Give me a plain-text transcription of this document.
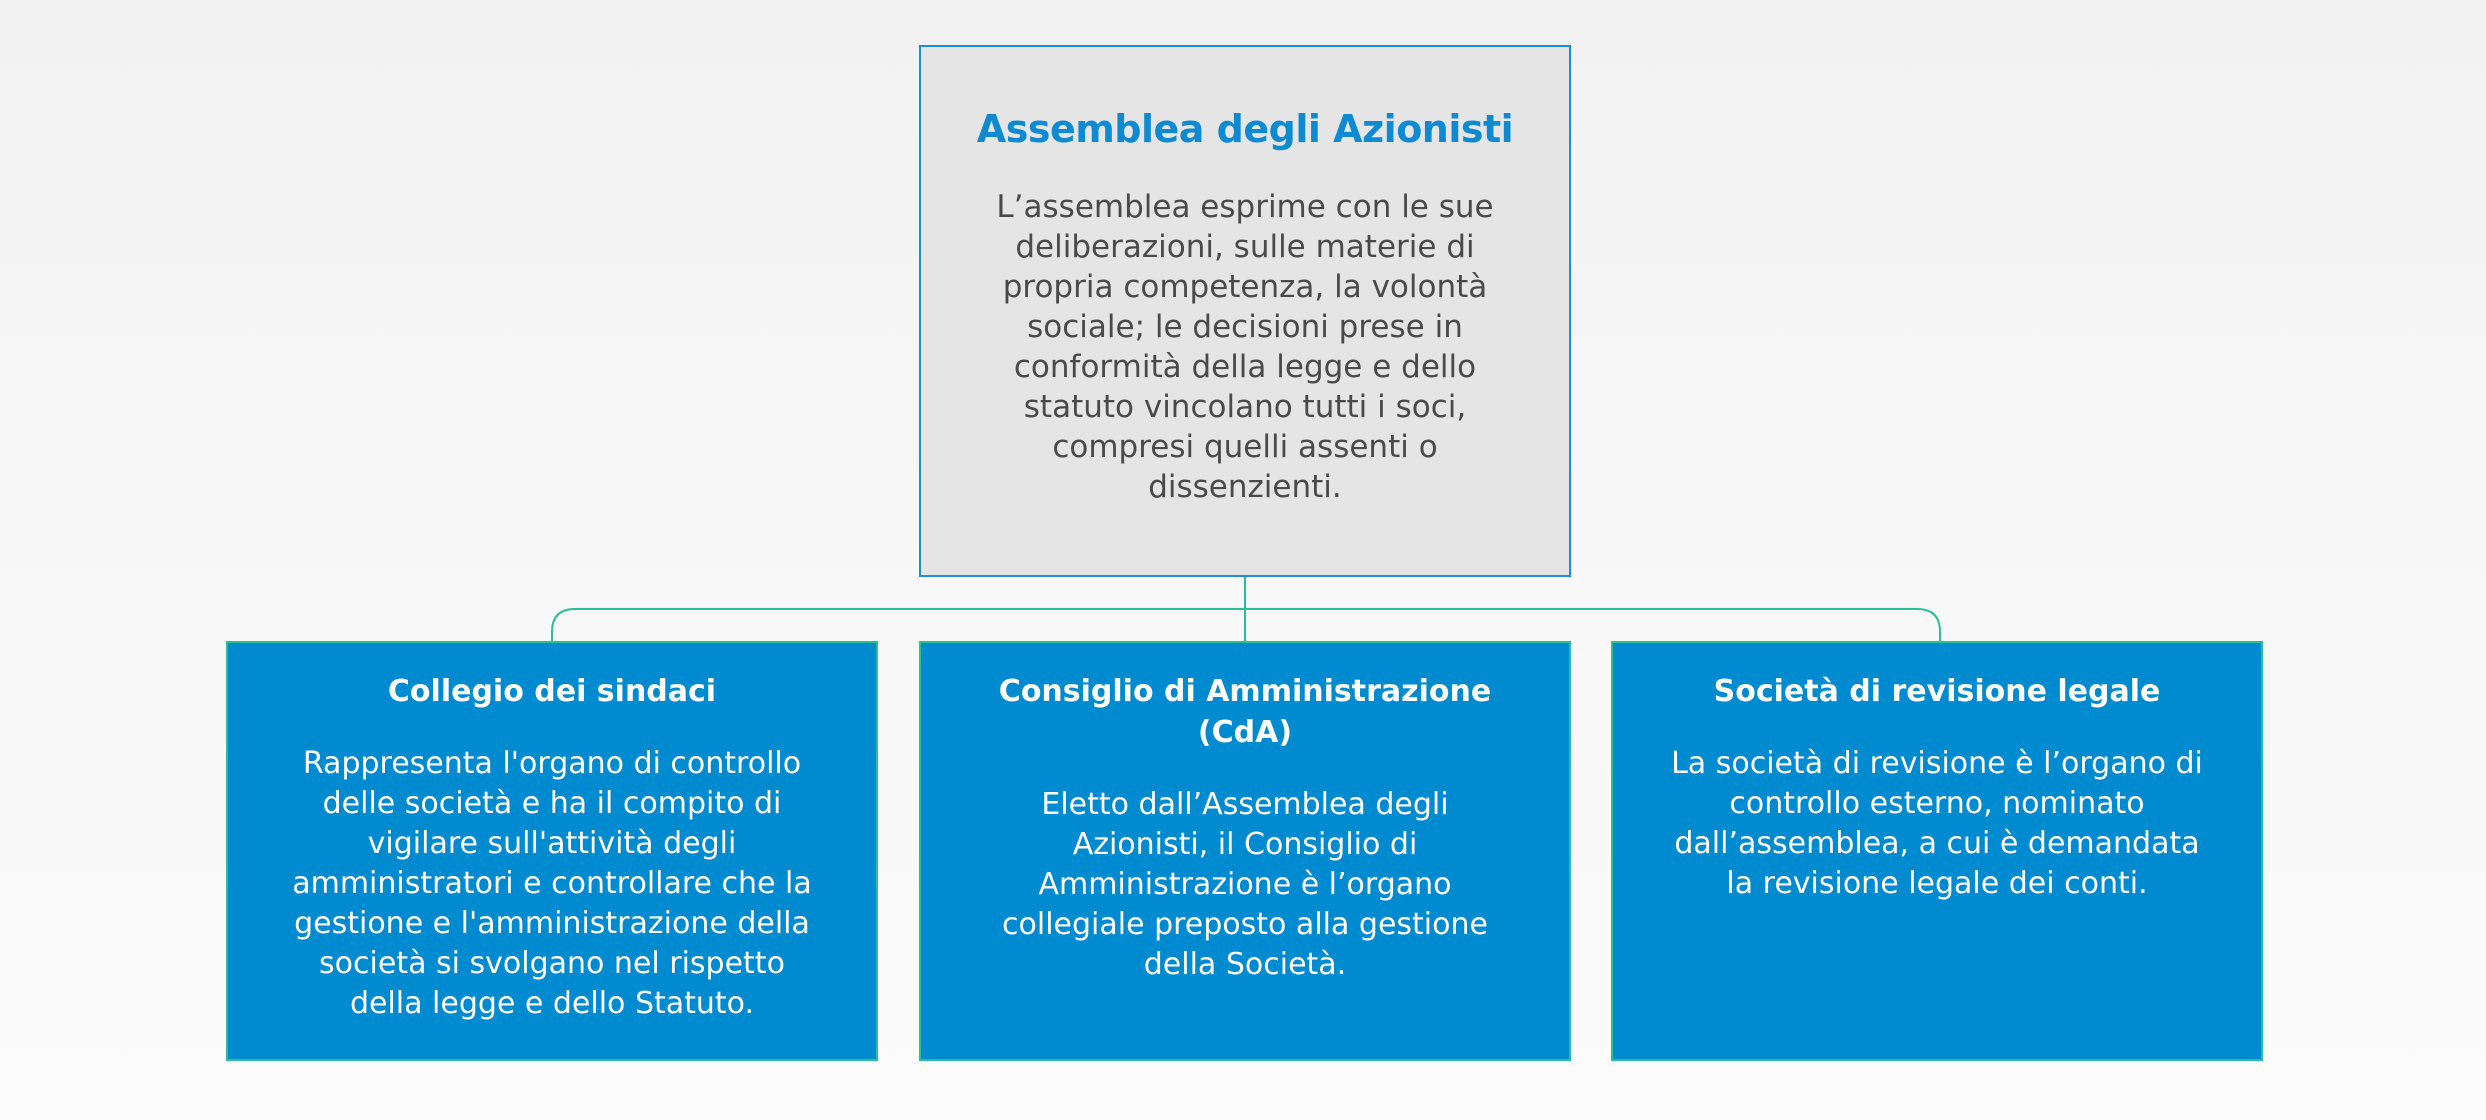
Assemblea degli Azionisti

L’assemblea esprime con le sue deliberazioni, sulle materie di propria competenza, la volontà sociale; le decisioni prese in conformità della legge e dello statuto vincolano tutti i soci, compresi quelli assenti o dissenzienti.

Collegio dei sindaci

Rappresenta l'organo di controllo delle società e ha il compito di vigilare sull'attività degli amministratori e controllare che la gestione e l'amministrazione della società si svolgano nel rispetto della legge e dello Statuto.

Consiglio di Amministrazione (CdA)

Eletto dall’Assemblea degli Azionisti, il Consiglio di Amministrazione è l’organo collegiale preposto alla gestione della Società.

Società di revisione legale

La società di revisione è l’organo di controllo esterno, nominato dall’assemblea, a cui è demandata la revisione legale dei conti.
